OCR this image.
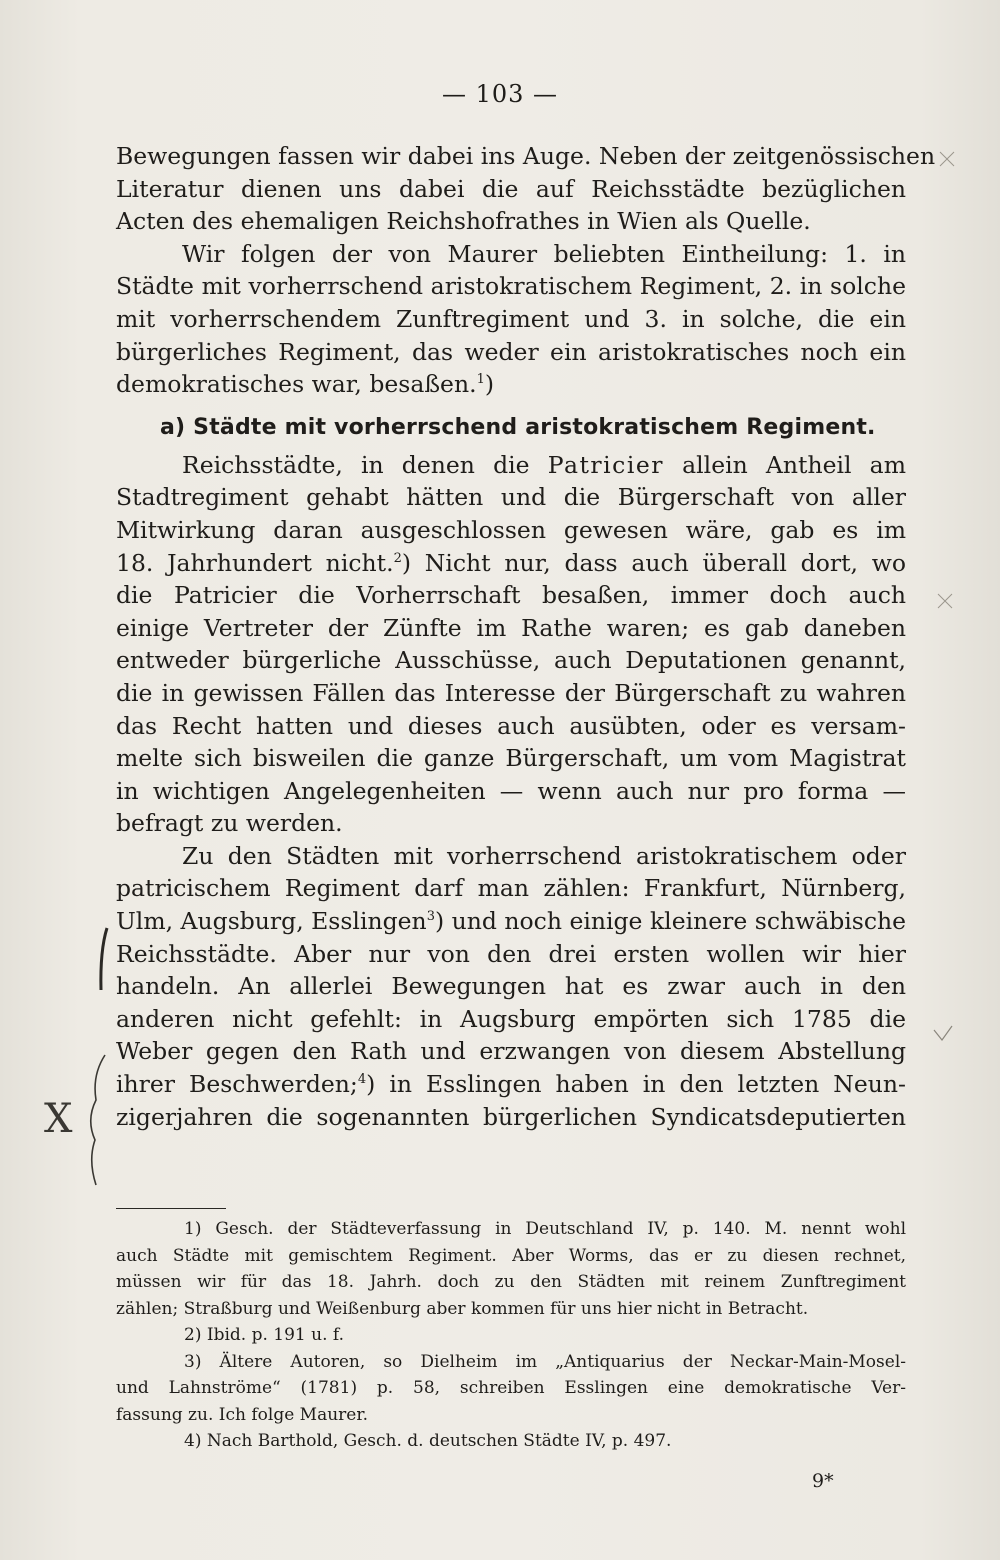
— 103 —
Bewegungen fassen wir dabei ins Auge. Neben der zeitgenössischen
Literatur dienen uns dabei die auf Reichsstädte bezüglichen
Acten des ehemaligen Reichshofrathes in Wien als Quelle.
Wir folgen der von Maurer beliebten Eintheilung: 1. in
Städte mit vorherrschend aristokratischem Regiment, 2. in solche
mit vorherrschendem Zunftregiment und 3. in solche, die ein
bürgerliches Regiment, das weder ein aristokratisches noch ein
demokratisches war, besaßen.$^1$)
a) Städte mit vorherrschend aristokratischem Regiment.
Reichsstädte, in denen die Patricier allein Antheil am
Stadtregiment gehabt hätten und die Bürgerschaft von aller
Mitwirkung daran ausgeschlossen gewesen wäre, gab es im
18. Jahrhundert nicht.$^2$) Nicht nur, dass auch überall dort, wo
die Patricier die Vorherrschaft besaßen, immer doch auch
einige Vertreter der Zünfte im Rathe waren; es gab daneben
entweder bürgerliche Ausschüsse, auch Deputationen genannt,
die in gewissen Fällen das Interesse der Bürgerschaft zu wahren
das Recht hatten und dieses auch ausübten, oder es versam-
melte sich bisweilen die ganze Bürgerschaft, um vom Magistrat
in wichtigen Angelegenheiten — wenn auch nur pro forma —
befragt zu werden.
Zu den Städten mit vorherrschend aristokratischem oder
patricischem Regiment darf man zählen: Frankfurt, Nürnberg,
Ulm, Augsburg, Esslingen$^3$) und noch einige kleinere schwäbische
Reichsstädte. Aber nur von den drei ersten wollen wir hier
handeln. An allerlei Bewegungen hat es zwar auch in den
anderen nicht gefehlt: in Augsburg empörten sich 1785 die
Weber gegen den Rath und erzwangen von diesem Abstellung
ihrer Beschwerden;$^4$) in Esslingen haben in den letzten Neun-
zigerjahren die sogenannten bürgerlichen Syndicatsdeputierten
1) Gesch. der Städteverfassung in Deutschland IV, p. 140. M. nennt wohl
auch Städte mit gemischtem Regiment. Aber Worms, das er zu diesen rechnet,
müssen wir für das 18. Jahrh. doch zu den Städten mit reinem Zunftregiment
zählen; Straßburg und Weißenburg aber kommen für uns hier nicht in Betracht.
2) Ibid. p. 191 u. f.
3) Ältere Autoren, so Dielheim im „Antiquarius der Neckar-Main-Mosel-
und Lahnströme“ (1781) p. 58, schreiben Esslingen eine demokratische Ver-
fassung zu. Ich folge Maurer.
4) Nach Barthold, Gesch. d. deutschen Städte IV, p. 497.
9*
X
